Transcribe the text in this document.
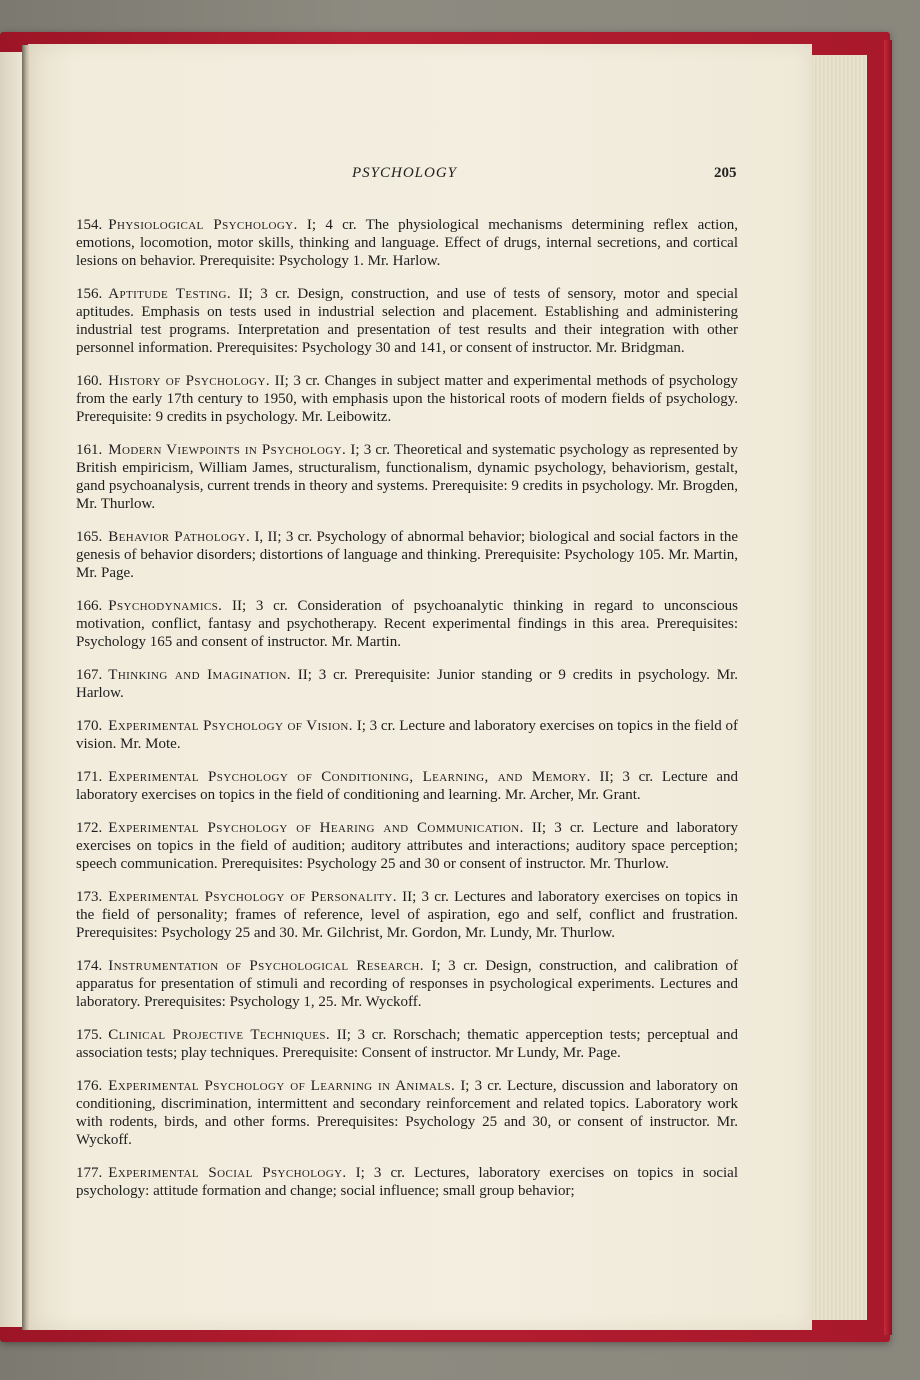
PSYCHOLOGY	205

154. Physiological Psychology. I; 4 cr. The physiological mechanisms determining reflex action, emotions, locomotion, motor skills, thinking and language. Effect of drugs, internal secretions, and cortical lesions on behavior. Prerequisite: Psychology 1. Mr. Harlow.

156. Aptitude Testing. II; 3 cr. Design, construction, and use of tests of sensory, motor and special aptitudes. Emphasis on tests used in industrial selection and placement. Establishing and administering industrial test programs. Interpretation and presentation of test results and their integration with other personnel information. Prerequisites: Psychology 30 and 141, or consent of instructor. Mr. Bridgman.

160. History of Psychology. II; 3 cr. Changes in subject matter and experimental methods of psychology from the early 17th century to 1950, with emphasis upon the historical roots of modern fields of psychology. Prerequisite: 9 credits in psychology. Mr. Leibowitz.

161. Modern Viewpoints in Psychology. I; 3 cr. Theoretical and systematic psychology as represented by British empiricism, William James, structuralism, functionalism, dynamic psychology, behaviorism, gestalt, gand psychoanalysis, current trends in theory and systems. Prerequisite: 9 credits in psychology. Mr. Brogden, Mr. Thurlow.

165. Behavior Pathology. I, II; 3 cr. Psychology of abnormal behavior; biological and social factors in the genesis of behavior disorders; distortions of language and thinking. Prerequisite: Psychology 105. Mr. Martin, Mr. Page.

166. Psychodynamics. II; 3 cr. Consideration of psychoanalytic thinking in regard to unconscious motivation, conflict, fantasy and psychotherapy. Recent experimental findings in this area. Prerequisites: Psychology 165 and consent of instructor. Mr. Martin.

167. Thinking and Imagination. II; 3 cr. Prerequisite: Junior standing or 9 credits in psychology. Mr. Harlow.

170. Experimental Psychology of Vision. I; 3 cr. Lecture and laboratory exercises on topics in the field of vision. Mr. Mote.

171. Experimental Psychology of Conditioning, Learning, and Memory. II; 3 cr. Lecture and laboratory exercises on topics in the field of conditioning and learning. Mr. Archer, Mr. Grant.

172. Experimental Psychology of Hearing and Communication. II; 3 cr. Lecture and laboratory exercises on topics in the field of audition; auditory attributes and interactions; auditory space perception; speech communication. Prerequisites: Psychology 25 and 30 or consent of instructor. Mr. Thurlow.

173. Experimental Psychology of Personality. II; 3 cr. Lectures and laboratory exercises on topics in the field of personality; frames of reference, level of aspiration, ego and self, conflict and frustration. Prerequisites: Psychology 25 and 30. Mr. Gilchrist, Mr. Gordon, Mr. Lundy, Mr. Thurlow.

174. Instrumentation of Psychological Research. I; 3 cr. Design, construction, and calibration of apparatus for presentation of stimuli and recording of responses in psychological experiments. Lectures and laboratory. Prerequisites: Psychology 1, 25. Mr. Wyckoff.

175. Clinical Projective Techniques. II; 3 cr. Rorschach; thematic apperception tests; perceptual and association tests; play techniques. Prerequisite: Consent of instructor. Mr Lundy, Mr. Page.

176. Experimental Psychology of Learning in Animals. I; 3 cr. Lecture, discussion and laboratory on conditioning, discrimination, intermittent and secondary reinforcement and related topics. Laboratory work with rodents, birds, and other forms. Prerequisites: Psychology 25 and 30, or consent of instructor. Mr. Wyckoff.

177. Experimental Social Psychology. I; 3 cr. Lectures, laboratory exercises on topics in social psychology: attitude formation and change; social influence; small group behavior;
